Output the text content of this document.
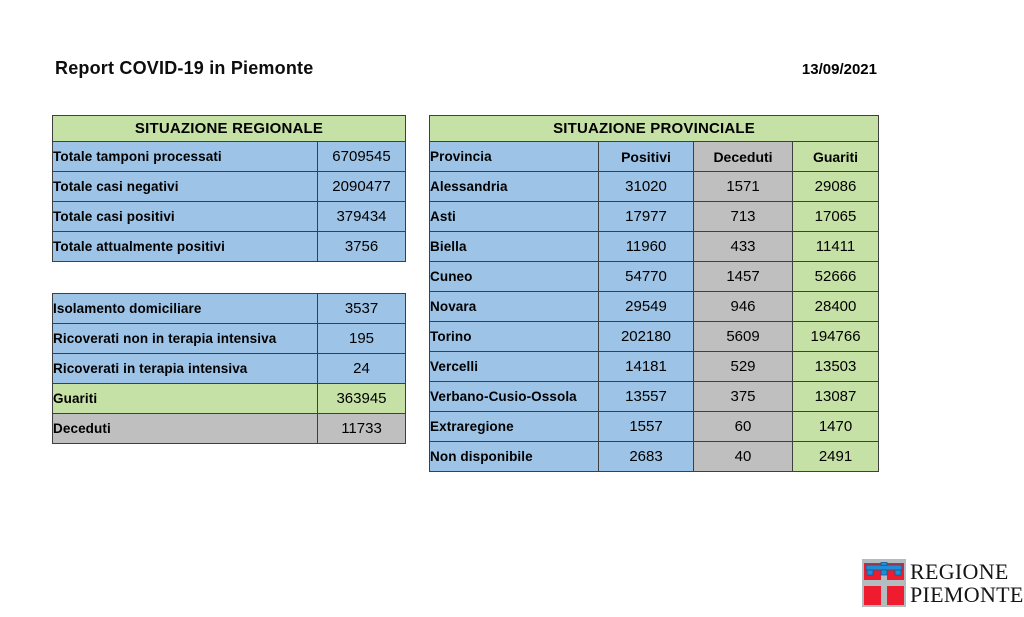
Report COVID-19 in Piemonte	13/09/2021
SITUAZIONE REGIONALE	
Totale tamponi processati	6709545
Totale casi negativi	2090477
Totale casi positivi	379434
Totale attualmente positivi	3756
Isolamento domiciliare	3537
Ricoverati non in terapia intensiva	195
Ricoverati in terapia intensiva	24
Guariti	363945
Deceduti	11733
SITUAZIONE PROVINCIALE			
Provincia	Positivi	Deceduti	Guariti
Alessandria	31020	1571	29086
Asti	17977	713	17065
Biella	11960	433	11411
Cuneo	54770	1457	52666
Novara	29549	946	28400
Torino	202180	5609	194766
Vercelli	14181	529	13503
Verbano-Cusio-Ossola	13557	375	13087
Extraregione	1557	60	1470
Non disponibile	2683	40	2491
REGIONE
PIEMONTE
